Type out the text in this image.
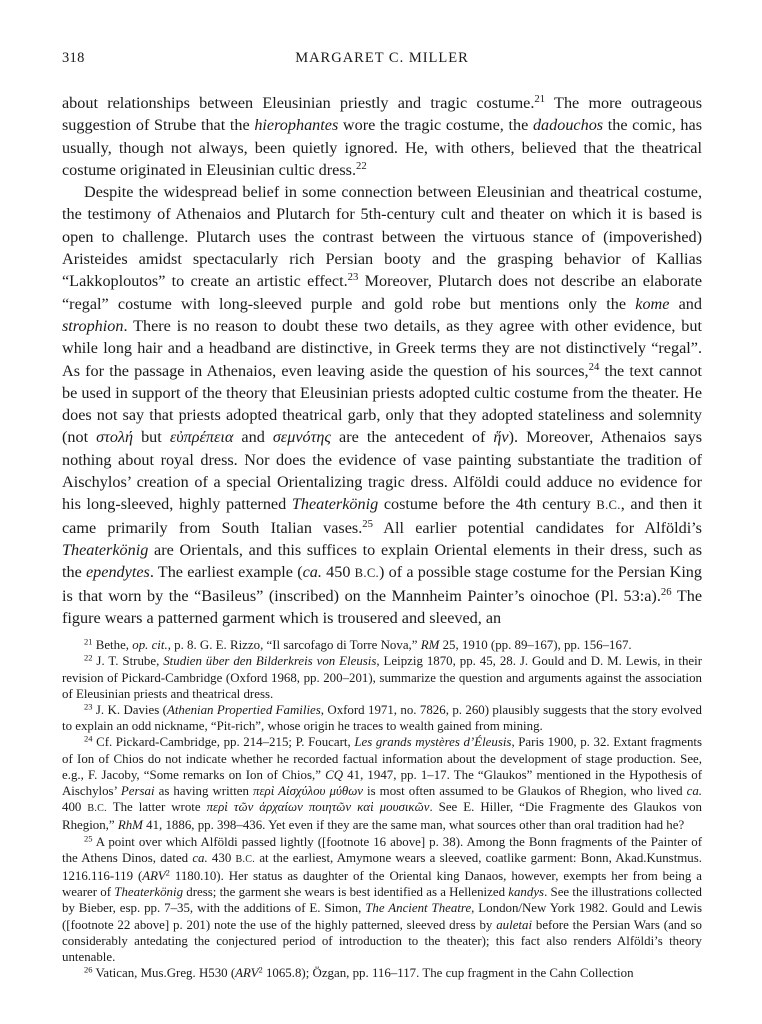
318	MARGARET C. MILLER

about relationships between Eleusinian priestly and tragic costume.$^{21}$ The more outrageous suggestion of Strube that the hierophantes wore the tragic costume, the dadouchos the comic, has usually, though not always, been quietly ignored. He, with others, believed that the theatrical costume originated in Eleusinian cultic dress.$^{22}$

Despite the widespread belief in some connection between Eleusinian and theatrical costume, the testimony of Athenaios and Plutarch for 5th-century cult and theater on which it is based is open to challenge. Plutarch uses the contrast between the virtuous stance of (impoverished) Aristeides amidst spectacularly rich Persian booty and the grasping behavior of Kallias “Lakkoploutos” to create an artistic effect.$^{23}$ Moreover, Plutarch does not describe an elaborate “regal” costume with long-sleeved purple and gold robe but mentions only the kome and strophion. There is no reason to doubt these two details, as they agree with other evidence, but while long hair and a headband are distinctive, in Greek terms they are not distinctively “regal”. As for the passage in Athenaios, even leaving aside the question of his sources,$^{24}$ the text cannot be used in support of the theory that Eleusinian priests adopted cultic costume from the theater. He does not say that priests adopted theatrical garb, only that they adopted stateliness and solemnity (not στολή but εὐπρέπεια and σεμνότης are the antecedent of ἥν). Moreover, Athenaios says nothing about royal dress. Nor does the evidence of vase painting substantiate the tradition of Aischylos’ creation of a special Orientalizing tragic dress. Alföldi could adduce no evidence for his long-sleeved, highly patterned Theaterkönig costume before the 4th century B.C., and then it came primarily from South Italian vases.$^{25}$ All earlier potential candidates for Alföldi’s Theaterkönig are Orientals, and this suffices to explain Oriental elements in their dress, such as the ependytes. The earliest example (ca. 450 B.C.) of a possible stage costume for the Persian King is that worn by the “Basileus” (inscribed) on the Mannheim Painter’s oinochoe (Pl. 53:a).$^{26}$ The figure wears a patterned garment which is trousered and sleeved, an

$^{21}$ Bethe, op. cit., p. 8. G. E. Rizzo, “Il sarcofago di Torre Nova,” RM 25, 1910 (pp. 89–167), pp. 156–167.

$^{22}$ J. T. Strube, Studien über den Bilderkreis von Eleusis, Leipzig 1870, pp. 45, 28. J. Gould and D. M. Lewis, in their revision of Pickard-Cambridge (Oxford 1968, pp. 200–201), summarize the question and arguments against the association of Eleusinian priests and theatrical dress.

$^{23}$ J. K. Davies (Athenian Propertied Families, Oxford 1971, no. 7826, p. 260) plausibly suggests that the story evolved to explain an odd nickname, “Pit-rich”, whose origin he traces to wealth gained from mining.

$^{24}$ Cf. Pickard-Cambridge, pp. 214–215; P. Foucart, Les grands mystères d’Éleusis, Paris 1900, p. 32. Extant fragments of Ion of Chios do not indicate whether he recorded factual information about the development of stage production. See, e.g., F. Jacoby, “Some remarks on Ion of Chios,” CQ 41, 1947, pp. 1–17. The “Glaukos” mentioned in the Hypothesis of Aischylos’ Persai as having written περὶ Αἰσχύλου μύθων is most often assumed to be Glaukos of Rhegion, who lived ca. 400 B.C. The latter wrote περὶ τῶν ἀρχαίων ποιητῶν καὶ μουσικῶν. See E. Hiller, “Die Fragmente des Glaukos von Rhegion,” RhM 41, 1886, pp. 398–436. Yet even if they are the same man, what sources other than oral tradition had he?

$^{25}$ A point over which Alföldi passed lightly ([footnote 16 above] p. 38). Among the Bonn fragments of the Painter of the Athens Dinos, dated ca. 430 B.C. at the earliest, Amymone wears a sleeved, coatlike garment: Bonn, Akad.Kunstmus. 1216.116-119 (ARV$^2$ 1180.10). Her status as daughter of the Oriental king Danaos, however, exempts her from being a wearer of Theaterkönig dress; the garment she wears is best identified as a Hellenized kandys. See the illustrations collected by Bieber, esp. pp. 7–35, with the additions of E. Simon, The Ancient Theatre, London/New York 1982. Gould and Lewis ([footnote 22 above] p. 201) note the use of the highly patterned, sleeved dress by auletai before the Persian Wars (and so considerably antedating the conjectured period of introduction to the theater); this fact also renders Alföldi’s theory untenable.

$^{26}$ Vatican, Mus.Greg. H530 (ARV$^2$ 1065.8); Özgan, pp. 116–117. The cup fragment in the Cahn Collection
